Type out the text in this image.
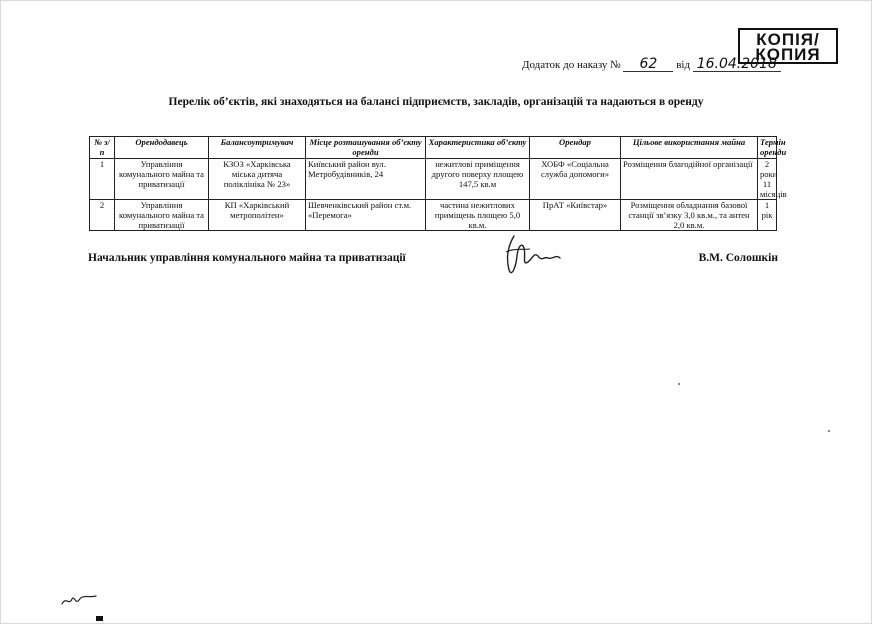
КОПІЯ/
КОПИЯ
Додаток до наказу № 62 від 16.04.2018
Перелік об’єктів, які знаходяться на балансі підприємств, закладів, організацій та надаються в оренду
№ з/п	Орендодавець	Балансоутримувач	Місце розташування об’єкту оренди	Характеристика об’єкту	Орендар	Цільове використання майна	Термін оренди
1	Управління комунального майна та приватизації	КЗОЗ «Харківська міська дитяча поліклініка № 23»	Київський район вул. Метробудівників, 24	нежитлові приміщення другого поверху площею 147,5 кв.м	ХОБФ «Соціальна служба допомоги»	Розміщення благодійної організації	2 роки 11 місяців
2	Управління комунального майна та приватизації	КП «Харківський метрополітен»	Шевченківський район ст.м. «Перемога»	частина нежитлових приміщень площею 5,0 кв.м.	ПрАТ «Київстар»	Розміщення обладнання базової станції зв’язку 3,0 кв.м., та антен 2,0 кв.м.	1 рік
Начальник управління комунального майна та приватизації	В.М. Солошкін
